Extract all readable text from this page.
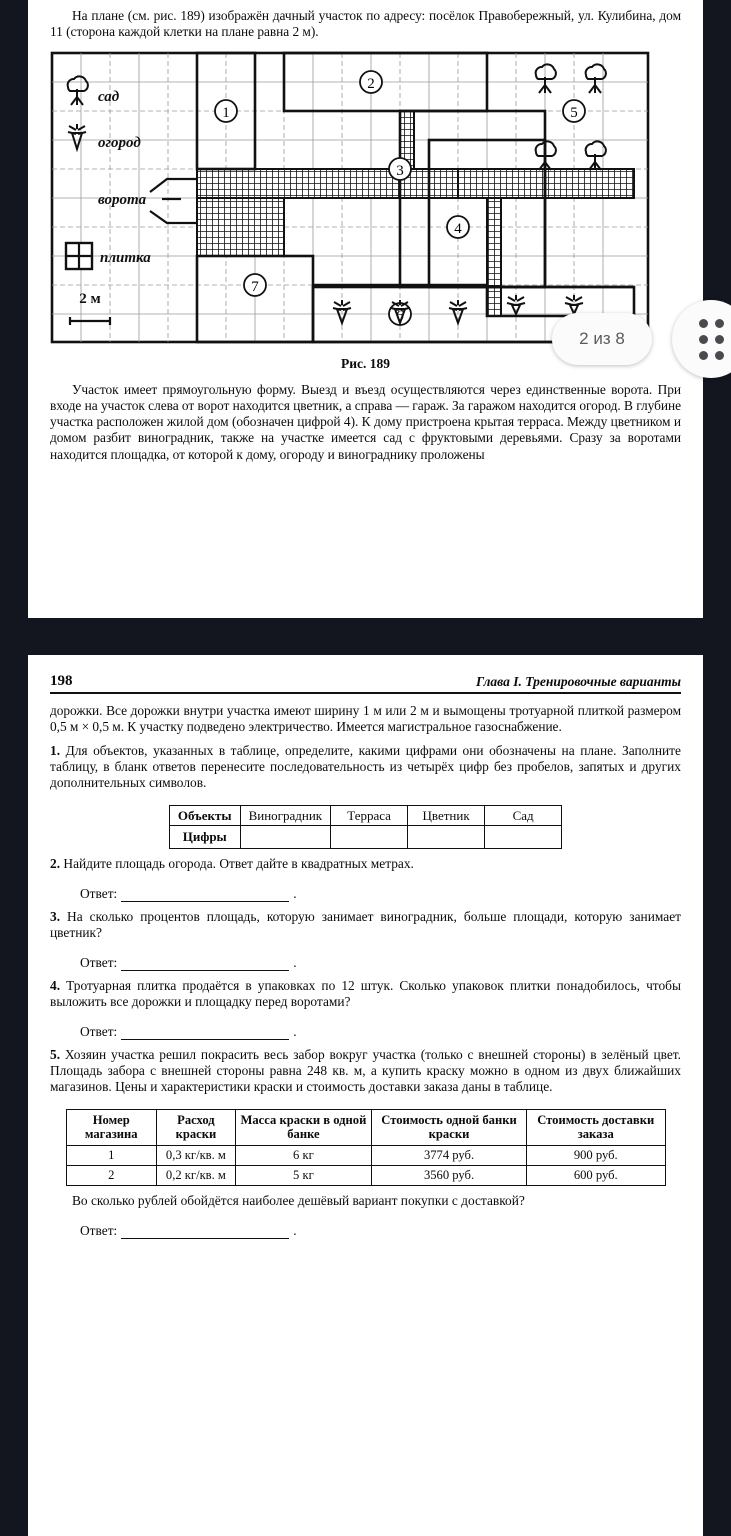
На плане (см. рис. 189) изображён дачный участок по адресу: посёлок Правобережный, ул. Кулибина, дом 11 (сторона каждой клетки на плане равна 2 м).

1
2
3
4
5
6
7
сад
огород
ворота
плитка
2 м
Рис. 189

Участок имеет прямоугольную форму. Выезд и въезд осуществляются через единственные ворота. При входе на участок слева от ворот находится цветник, а справа — гараж. За гаражом находится огород. В глубине участка расположен жилой дом (обозначен цифрой 4). К дому пристроена крытая терраса. Между цветником и домом разбит виноградник, также на участке имеется сад с фруктовыми деревьями. Сразу за воротами находится площадка, от которой к дому, огороду и винограднику проложены

198	Глава I. Тренировочные варианты

дорожки. Все дорожки внутри участка имеют ширину 1 м или 2 м и вымощены тротуарной плиткой размером 0,5 м × 0,5 м. К участку подведено электричество. Имеется магистральное газоснабжение.

1. Для объектов, указанных в таблице, определите, какими цифрами они обозначены на плане. Заполните таблицу, в бланк ответов перенесите последовательность из четырёх цифр без пробелов, запятых и других дополнительных символов.

Объекты	Виноградник	Терраса	Цветник	Сад
Цифры				

2. Найдите площадь огорода. Ответ дайте в квадратных метрах.

Ответ:	.

3. На сколько процентов площадь, которую занимает виноградник, больше площади, которую занимает цветник?

Ответ:	.

4. Тротуарная плитка продаётся в упаковках по 12 штук. Сколько упаковок плитки понадобилось, чтобы выложить все дорожки и площадку перед воротами?

Ответ:	.

5. Хозяин участка решил покрасить весь забор вокруг участка (только с внешней стороны) в зелёный цвет. Площадь забора с внешней стороны равна 248 кв. м, а купить краску можно в одном из двух ближайших магазинов. Цены и характеристики краски и стоимость доставки заказа даны в таблице.

Номер магазина	Расход краски	Масса краски в одной банке	Стоимость одной банки краски	Стоимость доставки заказа
1	0,3 кг/кв. м	6 кг	3774 руб.	900 руб.
2	0,2 кг/кв. м	5 кг	3560 руб.	600 руб.

Во сколько рублей обойдётся наиболее дешёвый вариант покупки с доставкой?

Ответ:	.
2 из 8
